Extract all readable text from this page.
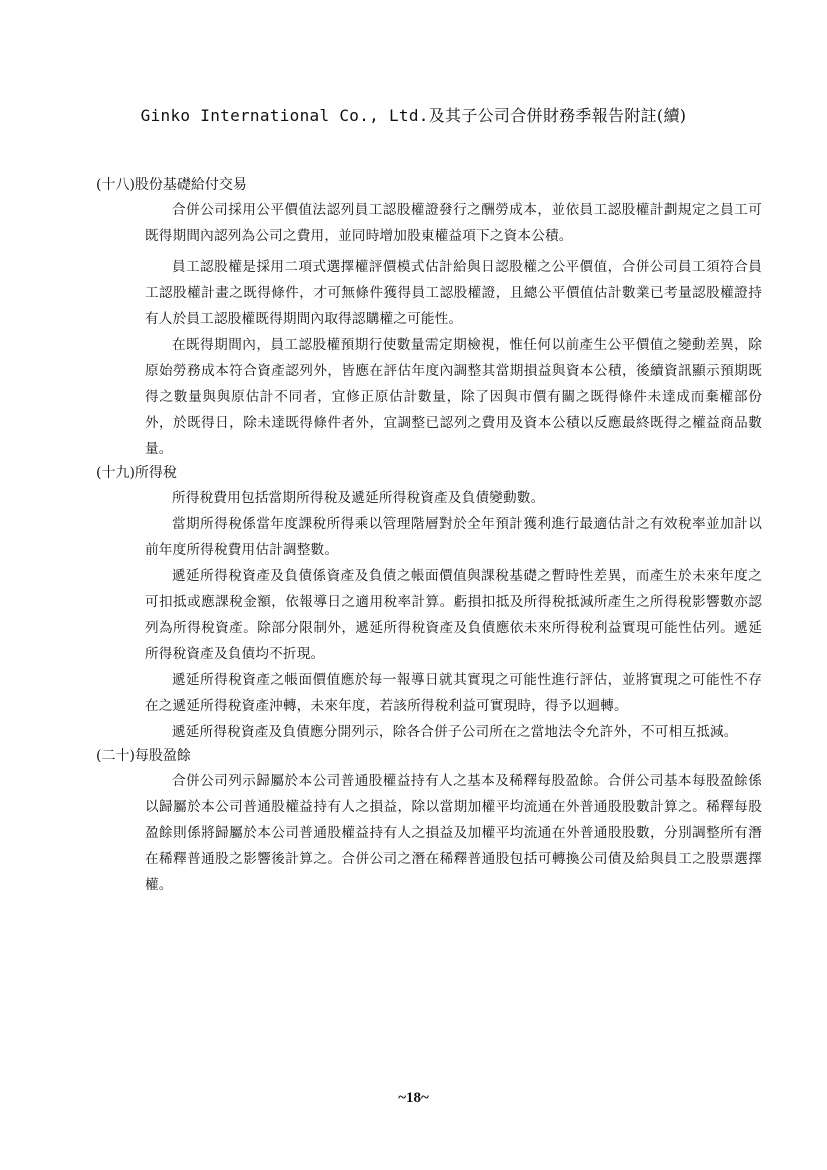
Ginko International Co., Ltd.及其子公司合併財務季報告附註(續)
(十八)股份基礎給付交易

合併公司採用公平價值法認列員工認股權證發行之酬勞成本，並依員工認股權計劃規定之員工可既得期間內認列為公司之費用，並同時增加股東權益項下之資本公積。

員工認股權是採用二項式選擇權評價模式估計給與日認股權之公平價值，合併公司員工須符合員工認股權計畫之既得條件，才可無條件獲得員工認股權證，且總公平價值估計數業已考量認股權證持有人於員工認股權既得期間內取得認購權之可能性。

在既得期間內，員工認股權預期行使數量需定期檢視，惟任何以前產生公平價值之變動差異，除原始勞務成本符合資產認列外，皆應在評估年度內調整其當期損益與資本公積，後續資訊顯示預期既得之數量與與原估計不同者，宜修正原估計數量，除了因與市價有關之既得條件未達成而棄權部份外，於既得日，除未達既得條件者外，宜調整已認列之費用及資本公積以反應最終既得之權益商品數量。

(十九)所得稅

所得稅費用包括當期所得稅及遞延所得稅資產及負債變動數。

當期所得稅係當年度課稅所得乘以管理階層對於全年預計獲利進行最適估計之有效稅率並加計以前年度所得稅費用估計調整數。

遞延所得稅資產及負債係資產及負債之帳面價值與課稅基礎之暫時性差異，而產生於未來年度之可扣抵或應課稅金額，依報導日之適用稅率計算。虧損扣抵及所得稅抵減所產生之所得稅影響數亦認列為所得稅資產。除部分限制外，遞延所得稅資產及負債應依未來所得稅利益實現可能性估列。遞延所得稅資產及負債均不折現。

遞延所得稅資產之帳面價值應於每一報導日就其實現之可能性進行評估，並將實現之可能性不存在之遞延所得稅資產沖轉，未來年度，若該所得稅利益可實現時，得予以迴轉。

遞延所得稅資產及負債應分開列示，除各合併子公司所在之當地法令允許外，不可相互抵減。

(二十)每股盈餘

合併公司列示歸屬於本公司普通股權益持有人之基本及稀釋每股盈餘。合併公司基本每股盈餘係以歸屬於本公司普通股權益持有人之損益，除以當期加權平均流通在外普通股股數計算之。稀釋每股盈餘則係將歸屬於本公司普通股權益持有人之損益及加權平均流通在外普通股股數，分別調整所有潛在稀釋普通股之影響後計算之。合併公司之潛在稀釋普通股包括可轉換公司債及給與員工之股票選擇權。

~18~
